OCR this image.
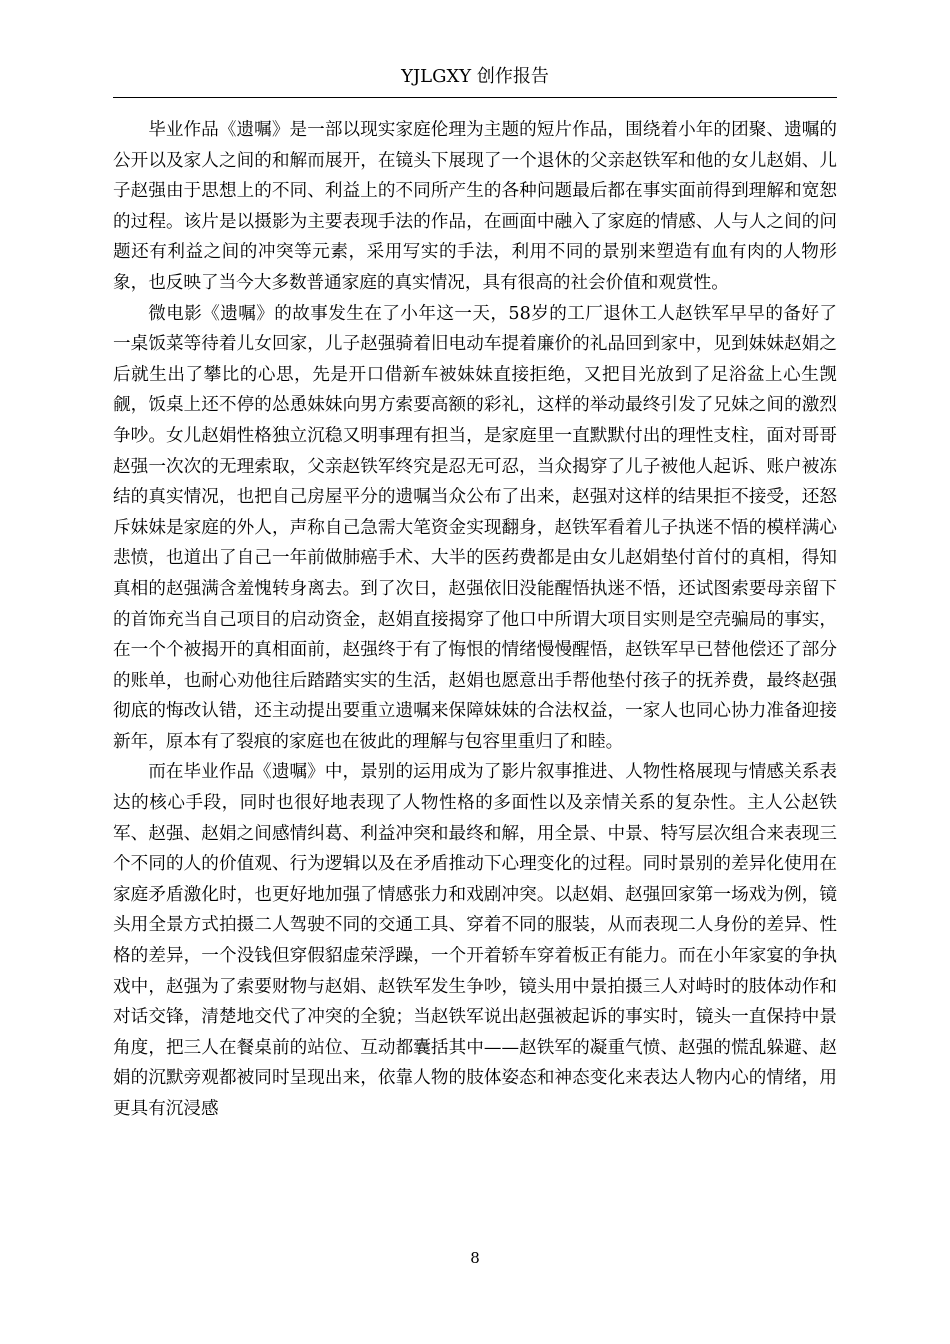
YJLGXY 创作报告

毕业作品《遗嘱》是一部以现实家庭伦理为主题的短片作品，围绕着小年的团聚、遗嘱的公开以及家人之间的和解而展开，在镜头下展现了一个退休的父亲赵铁军和他的女儿赵娟、儿子赵强由于思想上的不同、利益上的不同所产生的各种问题最后都在事实面前得到理解和宽恕的过程。该片是以摄影为主要表现手法的作品，在画面中融入了家庭的情感、人与人之间的问题还有利益之间的冲突等元素，采用写实的手法，利用不同的景别来塑造有血有肉的人物形象，也反映了当今大多数普通家庭的真实情况，具有很高的社会价值和观赏性。

微电影《遗嘱》的故事发生在了小年这一天，58岁的工厂退休工人赵铁军早早的备好了一桌饭菜等待着儿女回家，儿子赵强骑着旧电动车提着廉价的礼品回到家中，见到妹妹赵娟之后就生出了攀比的心思，先是开口借新车被妹妹直接拒绝，又把目光放到了足浴盆上心生觊觎，饭桌上还不停的怂恿妹妹向男方索要高额的彩礼，这样的举动最终引发了兄妹之间的激烈争吵。女儿赵娟性格独立沉稳又明事理有担当，是家庭里一直默默付出的理性支柱，面对哥哥赵强一次次的无理索取，父亲赵铁军终究是忍无可忍，当众揭穿了儿子被他人起诉、账户被冻结的真实情况，也把自己房屋平分的遗嘱当众公布了出来，赵强对这样的结果拒不接受，还怒斥妹妹是家庭的外人，声称自己急需大笔资金实现翻身，赵铁军看着儿子执迷不悟的模样满心悲愤，也道出了自己一年前做肺癌手术、大半的医药费都是由女儿赵娟垫付首付的真相，得知真相的赵强满含羞愧转身离去。到了次日，赵强依旧没能醒悟执迷不悟，还试图索要母亲留下的首饰充当自己项目的启动资金，赵娟直接揭穿了他口中所谓大项目实则是空壳骗局的事实，在一个个被揭开的真相面前，赵强终于有了悔恨的情绪慢慢醒悟，赵铁军早已替他偿还了部分的账单，也耐心劝他往后踏踏实实的生活，赵娟也愿意出手帮他垫付孩子的抚养费，最终赵强彻底的悔改认错，还主动提出要重立遗嘱来保障妹妹的合法权益，一家人也同心协力准备迎接新年，原本有了裂痕的家庭也在彼此的理解与包容里重归了和睦。

而在毕业作品《遗嘱》中，景别的运用成为了影片叙事推进、人物性格展现与情感关系表达的核心手段，同时也很好地表现了人物性格的多面性以及亲情关系的复杂性。主人公赵铁军、赵强、赵娟之间感情纠葛、利益冲突和最终和解，用全景、中景、特写层次组合来表现三个不同的人的价值观、行为逻辑以及在矛盾推动下心理变化的过程。同时景别的差异化使用在家庭矛盾激化时，也更好地加强了情感张力和戏剧冲突。以赵娟、赵强回家第一场戏为例，镜头用全景方式拍摄二人驾驶不同的交通工具、穿着不同的服装，从而表现二人身份的差异、性格的差异，一个没钱但穿假貂虚荣浮躁，一个开着轿车穿着板正有能力。而在小年家宴的争执戏中，赵强为了索要财物与赵娟、赵铁军发生争吵，镜头用中景拍摄三人对峙时的肢体动作和对话交锋，清楚地交代了冲突的全貌；当赵铁军说出赵强被起诉的事实时，镜头一直保持中景角度，把三人在餐桌前的站位、互动都囊括其中——赵铁军的凝重气愤、赵强的慌乱躲避、赵娟的沉默旁观都被同时呈现出来，依靠人物的肢体姿态和神态变化来表达人物内心的情绪，用更具有沉浸感

8
